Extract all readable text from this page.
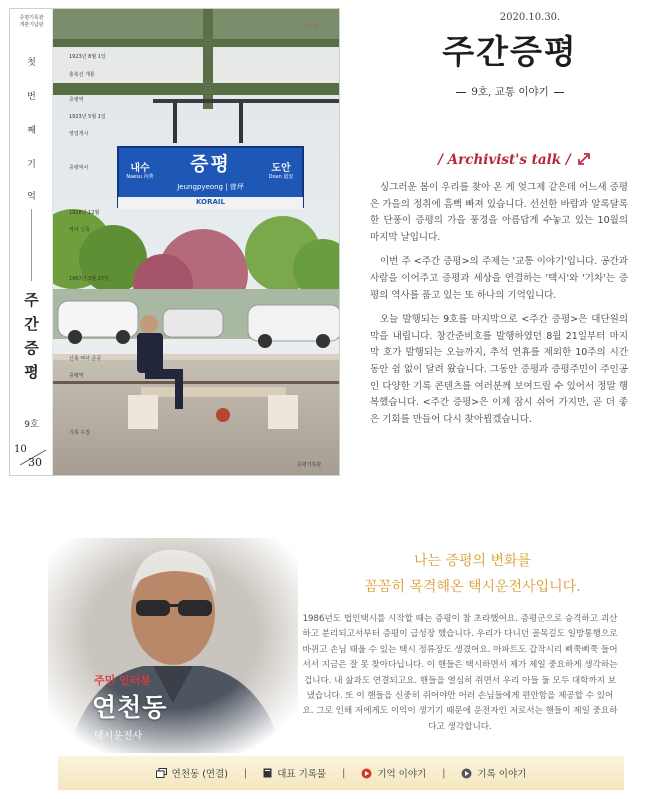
증평기록관
개관기념판
첫
번
째
기
억
주
간
증
평
9호
10
30
증평
Jeungpyeong | 曾坪
내수
Naesu 內秀
도안
Doan 道安
KORAIL
1923년 8월 1일
충북선 개통
증평역
1923년 5월 1일
영업개시
증평역사
1928년 12월
역사 신축
1967년 3월 27일
신축 역사 준공
증평역
기록 수집
기록관
증평기록관
2020.10.30.
주간증평
9호, 교통 이야기
/ Archivist's talk /

싱그러운 봄이 우리를 찾아 온 게 엊그제 같은데 어느새 증평은 가을의 정취에 흠뻑 빠져 있습니다. 선선한 바람과 알록달록한 단풍이 증평의 가을 풍경을 아름답게 수놓고 있는 10월의 마지막 날입니다.

이번 주 <주간 증평>의 주제는 '교통 이야기'입니다. 공간과 사람을 이어주고 증평과 세상을 연결하는 '택시'와 '기차'는 증평의 역사를 품고 있는 또 하나의 기억입니다.

오늘 발행되는 9호를 마지막으로 <주간 증평>은 대단원의 막을 내립니다. 창간준비호를 발행하였던 8월 21일부터 마지막 호가 발행되는 오늘까지, 추석 연휴를 제외한 10주의 시간 동안 쉼 없이 달려 왔습니다. 그동안 증평과 증평주민이 주인공인 다양한 기록 콘텐츠를 여러분께 보여드릴 수 있어서 정말 행복했습니다. <주간 증평>은 이제 잠시 쉬어 가지만, 곧 더 좋은 기회를 만들어 다시 찾아뵙겠습니다.

주민 인터뷰
연천동
택시운전사
나는 증평의 변화를
꼼꼼히 목격해온 택시운전사입니다.
1986년도 법인택시를 시작할 때는 증평이 참 초라했어요. 증평군으로 승격하고 괴산하고 분리되고서부터 증평이 급성장 했습니다. 우리가 다니던 골목길도 일방통행으로 바뀌고 손님 태울 수 있는 택시 정류장도 생겼어요. 아파트도 갑작시리 삐쭉삐쭉 들어서서 지금은 잘 못 찾아다닙니다. 이 핸들은 택시하면서 제가 제일 중요하게 생각하는 겁니다. 내 삶과도 연결되고요. 핸들을 열심히 쥐면서 우리 아들 둘 모두 대학까지 보냈습니다. 또 이 핸들을 신중히 쥐어야만 어러 손님들에게 편안함을 제공할 수 있어요. 그로 인해 저에게도 이익이 생기기 때문에 운전자인 저로서는 핸들이 제일 중요하다고 생각합니다.
연천동 (연결) |	대표 기록물 |	기억 이야기 |	기록 이야기
